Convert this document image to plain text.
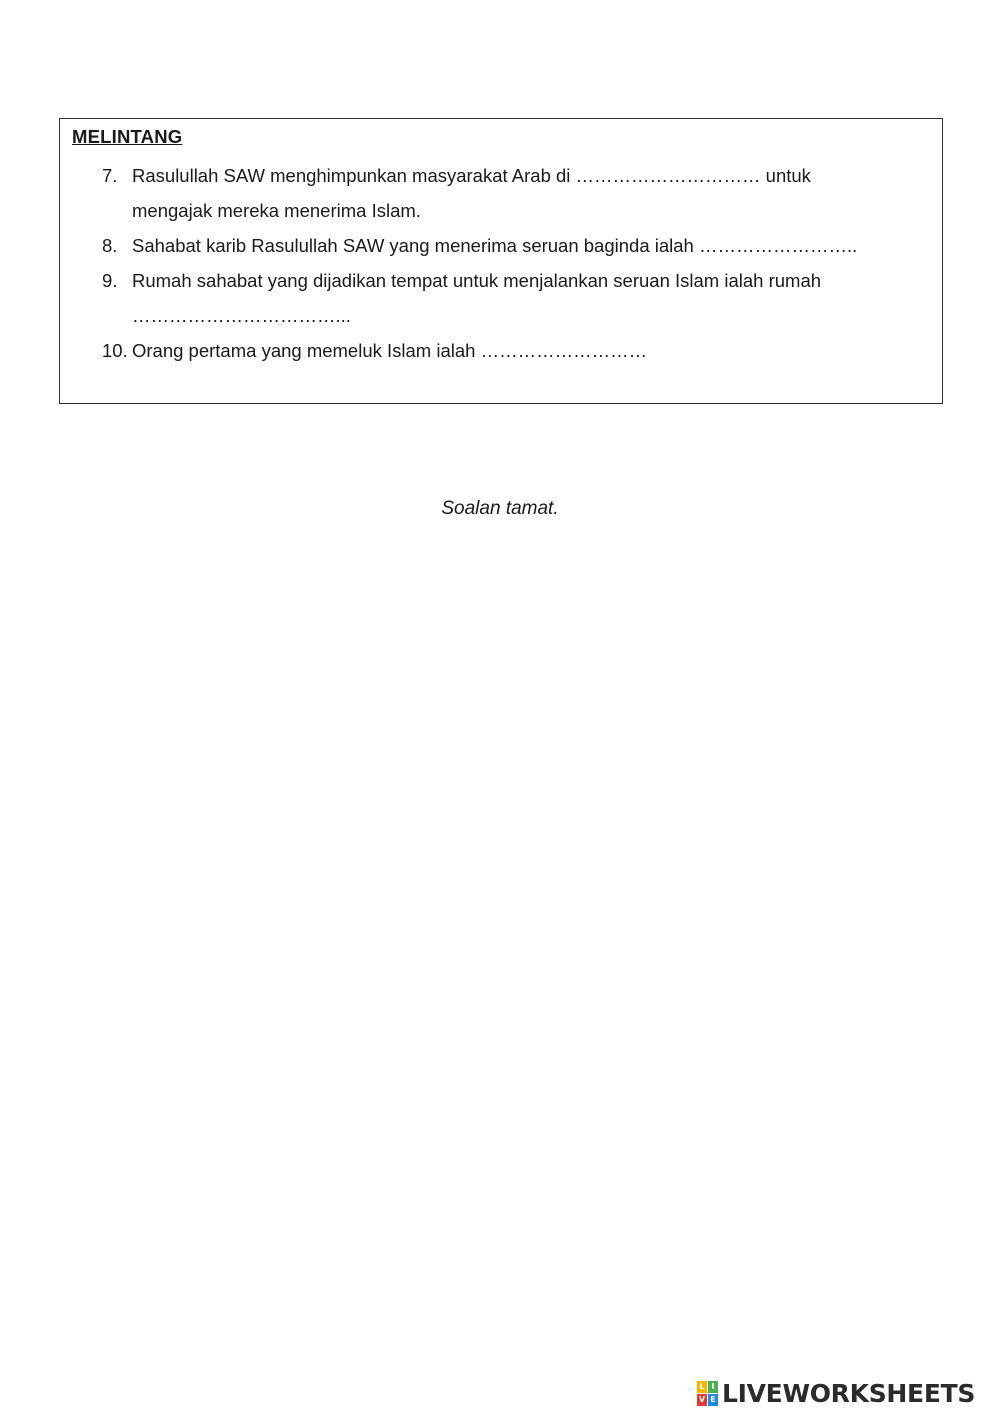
MELINTANG
7. Rasulullah SAW menghimpunkan masyarakat Arab di ………………………… untuk
mengajak mereka menerima Islam.
8. Sahabat karib Rasulullah SAW yang menerima seruan baginda ialah ……………………..
9. Rumah sahabat yang dijadikan tempat untuk menjalankan seruan Islam ialah rumah
……………………………...
10. Orang pertama yang memeluk Islam ialah ………………………
Soalan tamat.
L I
V E LIVEWORKSHEETS
